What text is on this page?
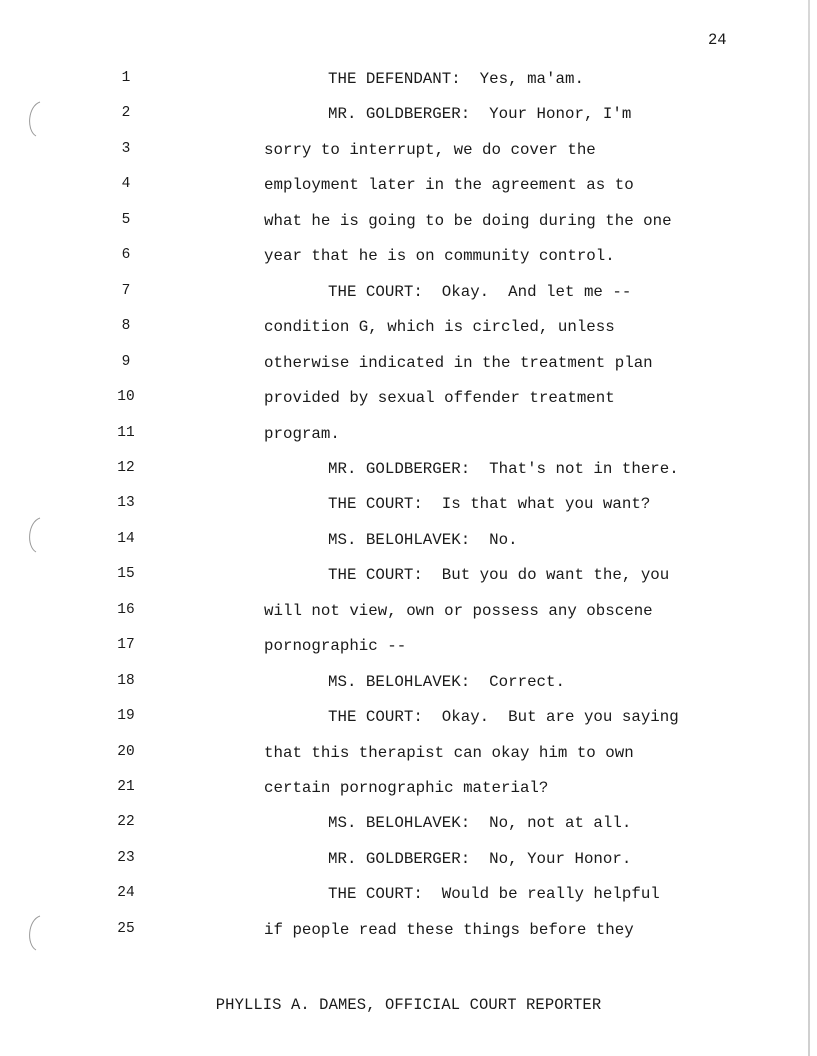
24
1	THE DEFENDANT:  Yes, ma'am.
2	MR. GOLDBERGER:  Your Honor, I'm
3	sorry to interrupt, we do cover the
4	employment later in the agreement as to
5	what he is going to be doing during the one
6	year that he is on community control.
7	THE COURT:  Okay.  And let me --
8	condition G, which is circled, unless
9	otherwise indicated in the treatment plan
10	provided by sexual offender treatment
11	program.
12	MR. GOLDBERGER:  That's not in there.
13	THE COURT:  Is that what you want?
14	MS. BELOHLAVEK:  No.
15	THE COURT:  But you do want the, you
16	will not view, own or possess any obscene
17	pornographic --
18	MS. BELOHLAVEK:  Correct.
19	THE COURT:  Okay.  But are you saying
20	that this therapist can okay him to own
21	certain pornographic material?
22	MS. BELOHLAVEK:  No, not at all.
23	MR. GOLDBERGER:  No, Your Honor.
24	THE COURT:  Would be really helpful
25	if people read these things before they
PHYLLIS A. DAMES, OFFICIAL COURT REPORTER
